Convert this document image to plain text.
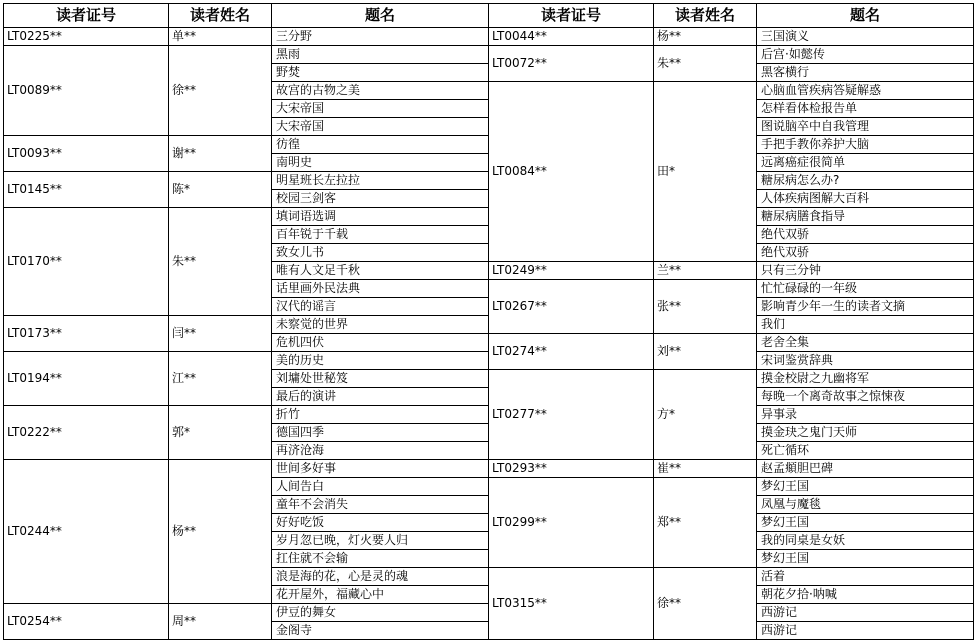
读者证号	读者姓名	题名	读者证号	读者姓名	题名
LT0225**	单**	三分野	LT0044**	杨**	三国演义
LT0089**	徐**	黑雨	LT0072**	朱**	后宫·如懿传
		野焚			黑客横行
		故宫的古物之美	LT0084**	田*	心脑血管疾病答疑解惑
		大宋帝国			怎样看体检报告单
		大宋帝国			图说脑卒中自我管理
LT0093**	谢**	彷徨			手把手教你养护大脑
		南明史			远离癌症很简单
LT0145**	陈*	明星班长左拉拉			糖尿病怎么办?
		校园三剑客			人体疾病图解大百科
LT0170**	朱**	填词语选调			糖尿病膳食指导
		百年锐于千载			绝代双骄
		致女儿书			绝代双骄
		唯有人文足千秋	LT0249**	兰**	只有三分钟
		话里画外民法典	LT0267**	张**	忙忙碌碌的一年级
		汉代的谣言			影响青少年一生的读者文摘
LT0173**	闫**	未察觉的世界			我们
		危机四伏	LT0274**	刘**	老舍全集
LT0194**	江**	美的历史			宋词鉴赏辞典
		刘墉处世秘笈	LT0277**	方*	摸金校尉之九幽将军
		最后的演讲			每晚一个离奇故事之惊悚夜
LT0222**	郭*	折竹			异事录
		德国四季			摸金玦之鬼门天师
		再济沧海			死亡循环
LT0244**	杨**	世间多好事	LT0293**	崔**	赵孟頫胆巴碑
		人间告白	LT0299**	郑**	梦幻王国
		童年不会消失			凤凰与魔毯
		好好吃饭			梦幻王国
		岁月忽已晚，灯火要人归			我的同桌是女妖
		扛住就不会输			梦幻王国
		浪是海的花，心是灵的魂	LT0315**	徐**	活着
		花开屋外，福藏心中			朝花夕拾·呐喊
LT0254**	周**	伊豆的舞女			西游记
		金阁寺			西游记
